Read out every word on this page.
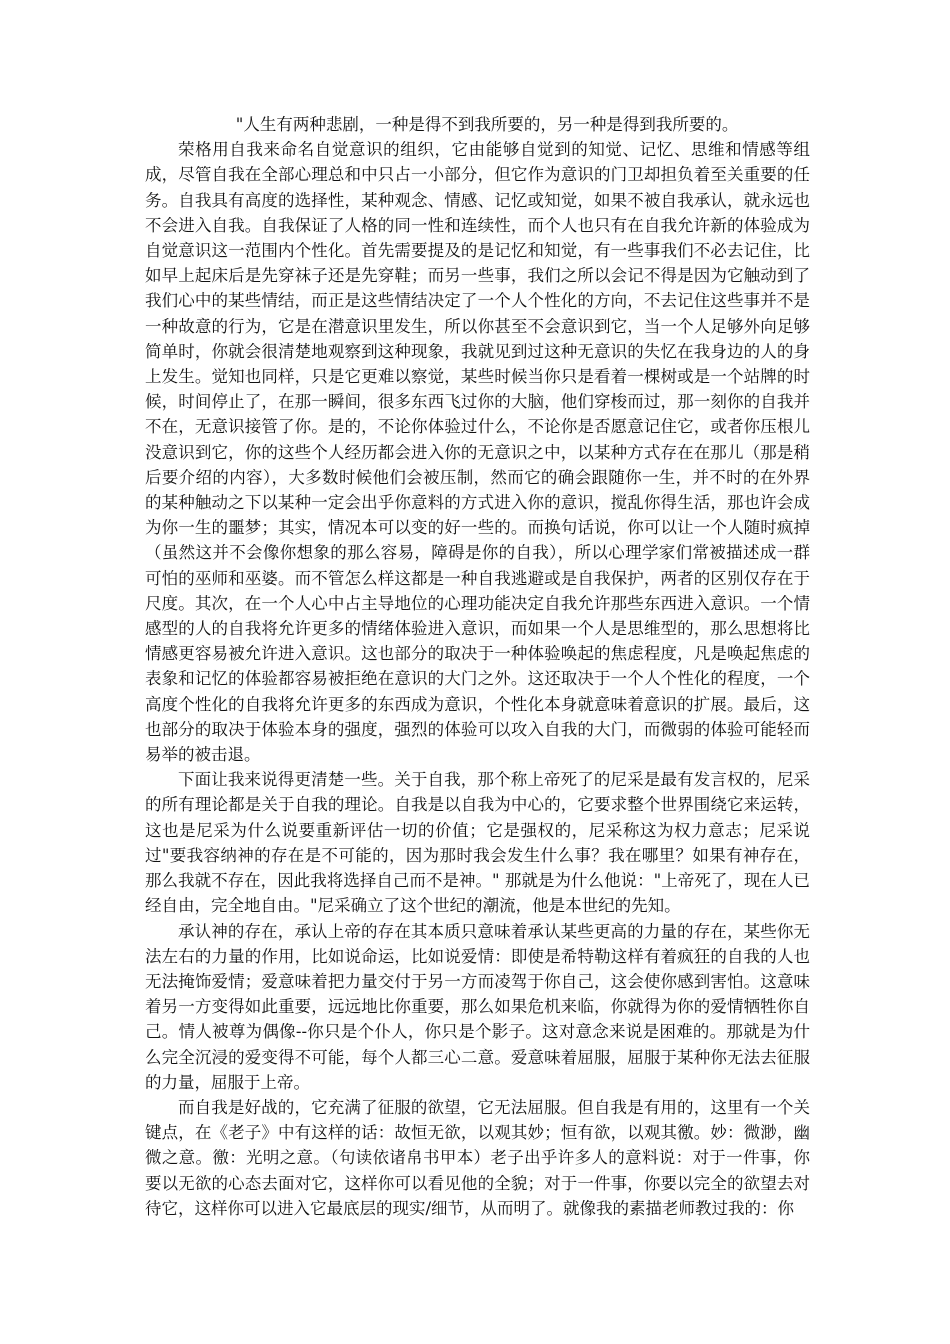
"人生有两种悲剧，一种是得不到我所要的，另一种是得到我所要的。

荣格用自我来命名自觉意识的组织，它由能够自觉到的知觉、记忆、思维和情感等组成，尽管自我在全部心理总和中只占一小部分，但它作为意识的门卫却担负着至关重要的任务。自我具有高度的选择性，某种观念、情感、记忆或知觉，如果不被自我承认，就永远也不会进入自我。自我保证了人格的同一性和连续性，而个人也只有在自我允许新的体验成为自觉意识这一范围内个性化。首先需要提及的是记忆和知觉，有一些事我们不必去记住，比如早上起床后是先穿袜子还是先穿鞋；而另一些事，我们之所以会记不得是因为它触动到了我们心中的某些情结，而正是这些情结决定了一个人个性化的方向，不去记住这些事并不是一种故意的行为，它是在潜意识里发生，所以你甚至不会意识到它，当一个人足够外向足够简单时，你就会很清楚地观察到这种现象，我就见到过这种无意识的失忆在我身边的人的身上发生。觉知也同样，只是它更难以察觉，某些时候当你只是看着一棵树或是一个站牌的时候，时间停止了，在那一瞬间，很多东西飞过你的大脑，他们穿梭而过，那一刻你的自我并不在，无意识接管了你。是的，不论你体验过什么，不论你是否愿意记住它，或者你压根儿没意识到它，你的这些个人经历都会进入你的无意识之中，以某种方式存在在那儿（那是稍后要介绍的内容），大多数时候他们会被压制，然而它的确会跟随你一生，并不时的在外界的某种触动之下以某种一定会出乎你意料的方式进入你的意识，搅乱你得生活，那也许会成为你一生的噩梦；其实，情况本可以变的好一些的。而换句话说，你可以让一个人随时疯掉（虽然这并不会像你想象的那么容易，障碍是你的自我），所以心理学家们常被描述成一群可怕的巫师和巫婆。而不管怎么样这都是一种自我逃避或是自我保护，两者的区别仅存在于尺度。其次，在一个人心中占主导地位的心理功能决定自我允许那些东西进入意识。一个情感型的人的自我将允许更多的情绪体验进入意识，而如果一个人是思维型的，那么思想将比情感更容易被允许进入意识。这也部分的取决于一种体验唤起的焦虑程度，凡是唤起焦虑的表象和记忆的体验都容易被拒绝在意识的大门之外。这还取决于一个人个性化的程度，一个高度个性化的自我将允许更多的东西成为意识，个性化本身就意味着意识的扩展。最后，这也部分的取决于体验本身的强度，强烈的体验可以攻入自我的大门，而微弱的体验可能轻而易举的被击退。

下面让我来说得更清楚一些。关于自我，那个称上帝死了的尼采是最有发言权的，尼采的所有理论都是关于自我的理论。自我是以自我为中心的，它要求整个世界围绕它来运转，这也是尼采为什么说要重新评估一切的价值；它是强权的，尼采称这为权力意志；尼采说过"要我容纳神的存在是不可能的，因为那时我会发生什么事？我在哪里？如果有神存在，那么我就不存在，因此我将选择自己而不是神。" 那就是为什么他说："上帝死了，现在人已经自由，完全地自由。"尼采确立了这个世纪的潮流，他是本世纪的先知。

承认神的存在，承认上帝的存在其本质只意味着承认某些更高的力量的存在，某些你无法左右的力量的作用，比如说命运，比如说爱情：即使是希特勒这样有着疯狂的自我的人也无法掩饰爱情；爱意味着把力量交付于另一方而凌驾于你自己，这会使你感到害怕。这意味着另一方变得如此重要，远远地比你重要，那么如果危机来临，你就得为你的爱情牺牲你自己。情人被尊为偶像--你只是个仆人，你只是个影子。这对意念来说是困难的。那就是为什么完全沉浸的爱变得不可能，每个人都三心二意。爱意味着屈服，屈服于某种你无法去征服的力量，屈服于上帝。

而自我是好战的，它充满了征服的欲望，它无法屈服。但自我是有用的，这里有一个关键点，在《老子》中有这样的话：故恒无欲，以观其妙；恒有欲，以观其徼。妙：微渺，幽微之意。徼：光明之意。（句读依诸帛书甲本）老子出乎许多人的意料说：对于一件事，你要以无欲的心态去面对它，这样你可以看见他的全貌；对于一件事，你要以完全的欲望去对待它，这样你可以进入它最底层的现实/细节，从而明了。就像我的素描老师教过我的：你
